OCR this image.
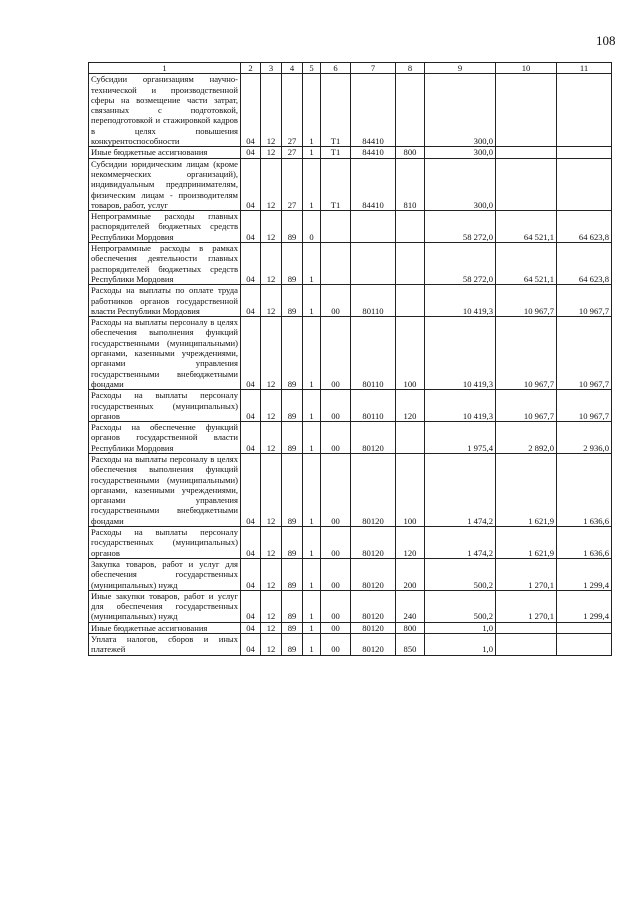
108
1	2	3	4	5	6	7	8	9	10	11
Субсидии организациям научно-технической и производственной сферы на возмещение части затрат, связанных с подготовкой, переподготовкой и стажировкой кадров в целях повышения конкурентоспособности	04	12	27	1	T1	84410		300,0		
Иные бюджетные ассигнования	04	12	27	1	T1	84410	800	300,0		
Субсидии юридическим лицам (кроме некоммерческих организаций), индивидуальным предпринимателям, физическим лицам - производителям товаров, работ, услуг	04	12	27	1	T1	84410	810	300,0		
Непрограммные расходы главных распорядителей бюджетных средств Республики Мордовия	04	12	89	0				58 272,0	64 521,1	64 623,8
Непрограммные расходы в рамках обеспечения деятельности главных распорядителей бюджетных средств Республики Мордовия	04	12	89	1				58 272,0	64 521,1	64 623,8
Расходы на выплаты по оплате труда работников органов государственной власти Республики Мордовия	04	12	89	1	00	80110		10 419,3	10 967,7	10 967,7
Расходы на выплаты персоналу в целях обеспечения выполнения функций государственными (муниципальными) органами, казенными учреждениями, органами управления государственными внебюджетными фондами	04	12	89	1	00	80110	100	10 419,3	10 967,7	10 967,7
Расходы на выплаты персоналу государственных (муниципальных) органов	04	12	89	1	00	80110	120	10 419,3	10 967,7	10 967,7
Расходы на обеспечение функций органов государственной власти Республики Мордовия	04	12	89	1	00	80120		1 975,4	2 892,0	2 936,0
Расходы на выплаты персоналу в целях обеспечения выполнения функций государственными (муниципальными) органами, казенными учреждениями, органами управления государственными внебюджетными фондами	04	12	89	1	00	80120	100	1 474,2	1 621,9	1 636,6
Расходы на выплаты персоналу государственных (муниципальных) органов	04	12	89	1	00	80120	120	1 474,2	1 621,9	1 636,6
Закупка товаров, работ и услуг для обеспечения государственных (муниципальных) нужд	04	12	89	1	00	80120	200	500,2	1 270,1	1 299,4
Иные закупки товаров, работ и услуг для обеспечения государственных (муниципальных) нужд	04	12	89	1	00	80120	240	500,2	1 270,1	1 299,4
Иные бюджетные ассигнования	04	12	89	1	00	80120	800	1,0		
Уплата налогов, сборов и иных платежей	04	12	89	1	00	80120	850	1,0		
